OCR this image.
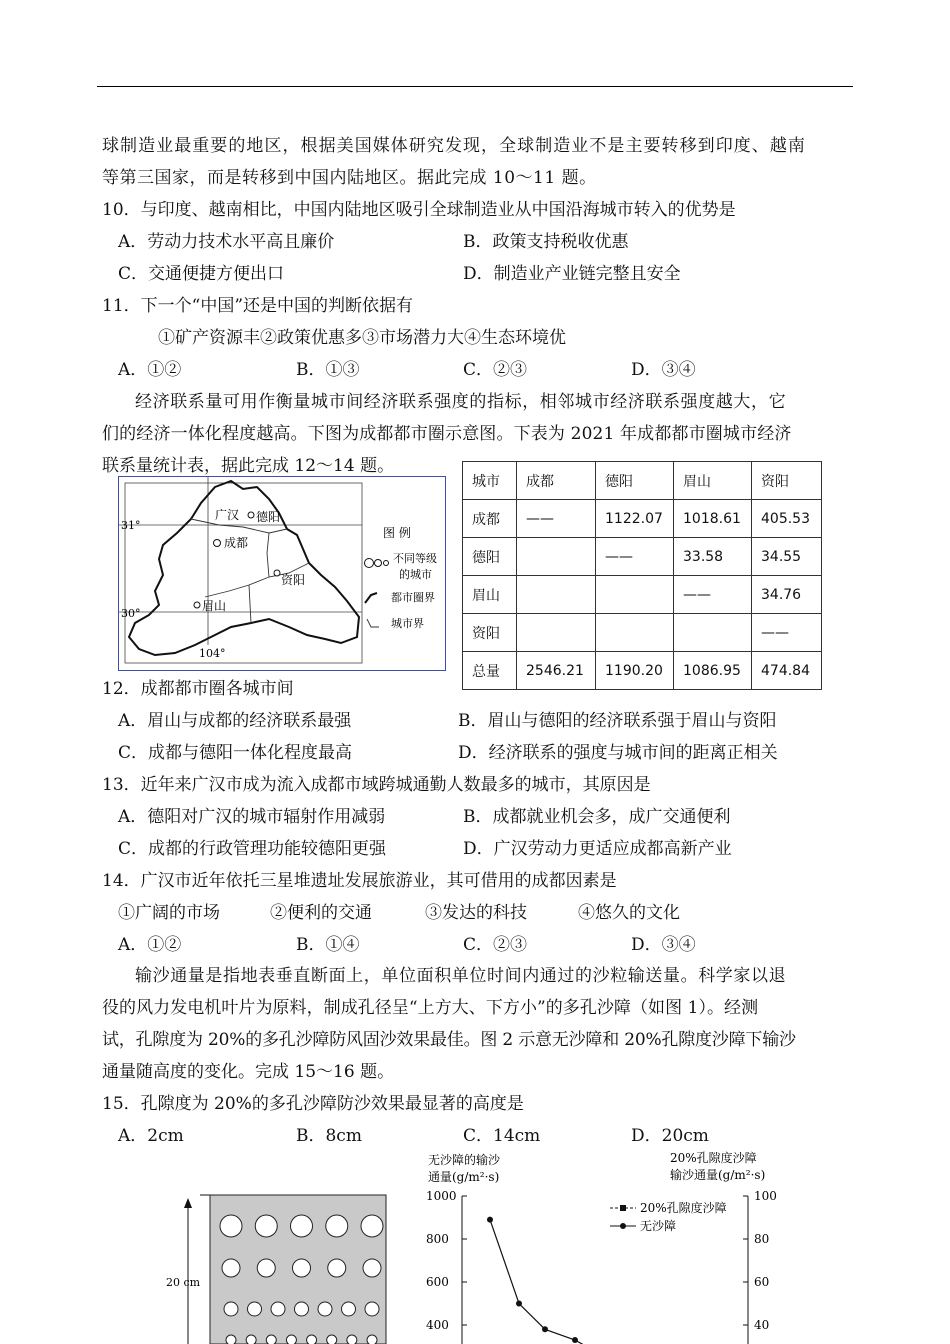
球制造业最重要的地区，根据美国媒体研究发现，全球制造业不是主要转移到印度、越南
等第三国家，而是转移到中国内陆地区。据此完成 10～11 题。
10．与印度、越南相比，中国内陆地区吸引全球制造业从中国沿海城市转入的优势是
A．劳动力技术水平高且廉价	B．政策支持税收优惠
C．交通便捷方便出口	D．制造业产业链完整且安全
11．下一个“中国”还是中国的判断依据有
①矿产资源丰②政策优惠多③市场潜力大④生态环境优
A．①②	B．①③	C．②③	D．③④
经济联系量可用作衡量城市间经济联系强度的指标，相邻城市经济联系强度越大，它
们的经济一体化程度越高。下图为成都都市圈示意图。下表为 2021 年成都都市圈城市经济
联系量统计表，据此完成 12～14 题。
31°
30°
104°
广汉 德阳
成都
资阳
眉山
图 例
不同等级
的城市
都市圈界
城市界
城市	成都	德阳	眉山	资阳
成都	——	1122.07	1018.61	405.53
德阳		——	33.58	34.55
眉山			——	34.76
资阳				——
总量	2546.21	1190.20	1086.95	474.84
12．成都都市圈各城市间
A．眉山与成都的经济联系最强	B．眉山与德阳的经济联系强于眉山与资阳
C．成都与德阳一体化程度最高	D．经济联系的强度与城市间的距离正相关
13．近年来广汉市成为流入成都市域跨城通勤人数最多的城市，其原因是
A．德阳对广汉的城市辐射作用减弱	B．成都就业机会多，成广交通便利
C．成都的行政管理功能较德阳更强	D．广汉劳动力更适应成都高新产业
14．广汉市近年依托三星堆遗址发展旅游业，其可借用的成都因素是
①广阔的市场	②便利的交通	③发达的科技	④悠久的文化
A．①②	B．①④	C．②③	D．③④
输沙通量是指地表垂直断面上，单位面积单位时间内通过的沙粒输送量。科学家以退
役的风力发电机叶片为原料，制成孔径呈“上方大、下方小”的多孔沙障（如图 1）。经测
试，孔隙度为 20%的多孔沙障防风固沙效果最佳。图 2 示意无沙障和 20%孔隙度沙障下输沙
通量随高度的变化。完成 15～16 题。
15．孔隙度为 20%的多孔沙障防沙效果最显著的高度是
A．2cm	B．8cm	C．14cm	D．20cm
20 cm
无沙障的输沙
通量(g/m²·s)
20%孔隙度沙障
输沙通量(g/m²·s)
1000
800
600
400
100
80
60
40
20%孔隙度沙障
无沙障
